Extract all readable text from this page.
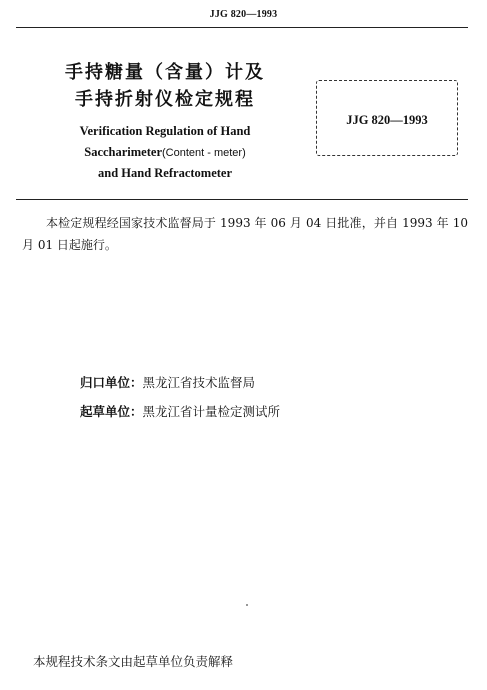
JJG 820—1993
手持糖量（含量）计及
手持折射仪检定规程
Verification Regulation of Hand
Saccharimeter(Content - meter)
and Hand Refractometer
JJG 820—1993
本检定规程经国家技术监督局于 1993 年 06 月 04 日批准，并自 1993 年 10 月 01 日起施行。
归口单位：黑龙江省技术监督局
起草单位：黑龙江省计量检定测试所
本规程技术条文由起草单位负责解释
